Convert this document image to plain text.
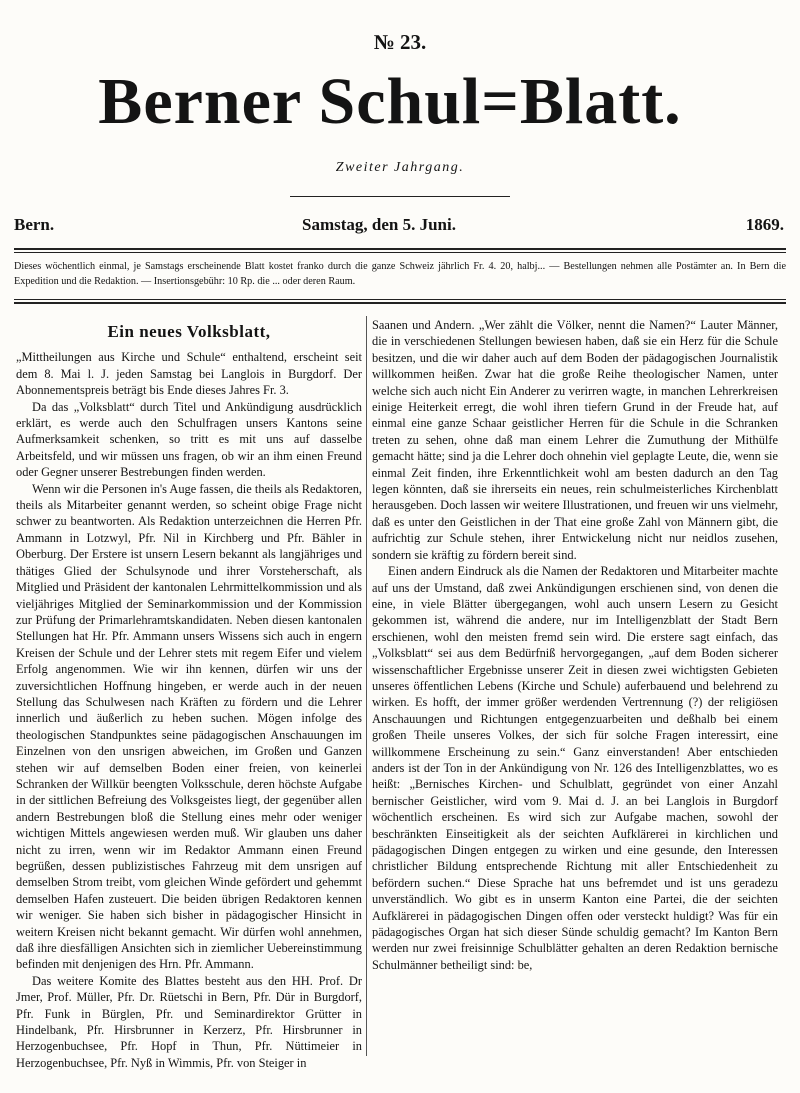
№ 23.
Berner Schul=Blatt.
Zweiter Jahrgang.
Bern.	Samstag, den 5. Juni.	1869.
Dieses wöchentlich einmal, je Samstags erscheinende Blatt kostet franko durch die ganze Schweiz jährlich Fr. 4. 20, halbj... — Bestellungen nehmen alle Postämter an. In Bern die Expedition und die Redaktion. — Insertionsgebühr: 10 Rp. die ... oder deren Raum.
Ein neues Volksblatt,

„Mittheilungen aus Kirche und Schule“ enthaltend, erscheint seit dem 8. Mai l. J. jeden Samstag bei Langlois in Burgdorf. Der Abonnementspreis beträgt bis Ende dieses Jahres Fr. 3.

Da das „Volksblatt“ durch Titel und Ankündigung ausdrücklich erklärt, es werde auch den Schulfragen unsers Kantons seine Aufmerksamkeit schenken, so tritt es mit uns auf dasselbe Arbeitsfeld, und wir müssen uns fragen, ob wir an ihm einen Freund oder Gegner unserer Bestrebungen finden werden.

Wenn wir die Personen in's Auge fassen, die theils als Redaktoren, theils als Mitarbeiter genannt werden, so scheint obige Frage nicht schwer zu beantworten. Als Redaktion unterzeichnen die Herren Pfr. Ammann in Lotzwyl, Pfr. Nil in Kirchberg und Pfr. Bähler in Oberburg. Der Erstere ist unsern Lesern bekannt als langjähriges und thätiges Glied der Schulsynode und ihrer Vorsteherschaft, als Mitglied und Präsident der kantonalen Lehrmittelkommission und als vieljähriges Mitglied der Seminarkommission und der Kommission zur Prüfung der Primarlehramtskandidaten. Neben diesen kantonalen Stellungen hat Hr. Pfr. Ammann unsers Wissens sich auch in engern Kreisen der Schule und der Lehrer stets mit regem Eifer und vielem Erfolg angenommen. Wie wir ihn kennen, dürfen wir uns der zuversichtlichen Hoffnung hingeben, er werde auch in der neuen Stellung das Schulwesen nach Kräften zu fördern und die Lehrer innerlich und äußerlich zu heben suchen. Mögen infolge des theologischen Standpunktes seine pädagogischen Anschauungen im Einzelnen von den unsrigen abweichen, im Großen und Ganzen stehen wir auf demselben Boden einer freien, von keinerlei Schranken der Willkür beengten Volksschule, deren höchste Aufgabe in der sittlichen Befreiung des Volksgeistes liegt, der gegenüber allen andern Bestrebungen bloß die Stellung eines mehr oder weniger wichtigen Mittels angewiesen werden muß. Wir glauben uns daher nicht zu irren, wenn wir im Redaktor Ammann einen Freund begrüßen, dessen publizistisches Fahrzeug mit dem unsrigen auf demselben Strom treibt, vom gleichen Winde gefördert und gehemmt demselben Hafen zusteuert. Die beiden übrigen Redaktoren kennen wir weniger. Sie haben sich bisher in pädagogischer Hinsicht in weitern Kreisen nicht bekannt gemacht. Wir dürfen wohl annehmen, daß ihre diesfälligen Ansichten sich in ziemlicher Uebereinstimmung befinden mit denjenigen des Hrn. Pfr. Ammann.

Das weitere Komite des Blattes besteht aus den HH. Prof. Dr Jmer, Prof. Müller, Pfr. Dr. Rüetschi in Bern, Pfr. Dür in Burgdorf, Pfr. Funk in Bürglen, Pfr. und Seminardirektor Grütter in Hindelbank, Pfr. Hirsbrunner in Kerzerz, Pfr. Hirsbrunner in Herzogenbuchsee, Pfr. Hopf in Thun, Pfr. Nüttimeier in Herzogenbuchsee, Pfr. Nyß in Wimmis, Pfr. von Steiger in

Saanen und Andern. „Wer zählt die Völker, nennt die Namen?“ Lauter Männer, die in verschiedenen Stellungen bewiesen haben, daß sie ein Herz für die Schule besitzen, und die wir daher auch auf dem Boden der pädagogischen Journalistik willkommen heißen. Zwar hat die große Reihe theologischer Namen, unter welche sich auch nicht Ein Anderer zu verirren wagte, in manchen Lehrerkreisen einige Heiterkeit erregt, die wohl ihren tiefern Grund in der Freude hat, auf einmal eine ganze Schaar geistlicher Herren für die Schule in die Schranken treten zu sehen, ohne daß man einem Lehrer die Zumuthung der Mithülfe gemacht hätte; sind ja die Lehrer doch ohnehin viel geplagte Leute, die, wenn sie einmal Zeit finden, ihre Erkenntlichkeit wohl am besten dadurch an den Tag legen könnten, daß sie ihrerseits ein neues, rein schulmeisterliches Kirchenblatt herausgeben. Doch lassen wir weitere Illustrationen, und freuen wir uns vielmehr, daß es unter den Geistlichen in der That eine große Zahl von Männern gibt, die aufrichtig zur Schule stehen, ihrer Entwickelung nicht nur neidlos zusehen, sondern sie kräftig zu fördern bereit sind.

Einen andern Eindruck als die Namen der Redaktoren und Mitarbeiter machte auf uns der Umstand, daß zwei Ankündigungen erschienen sind, von denen die eine, in viele Blätter übergegangen, wohl auch unsern Lesern zu Gesicht gekommen ist, während die andere, nur im Intelligenzblatt der Stadt Bern erschienen, wohl den meisten fremd sein wird. Die erstere sagt einfach, das „Volksblatt“ sei aus dem Bedürfniß hervorgegangen, „auf dem Boden sicherer wissenschaftlicher Ergebnisse unserer Zeit in diesen zwei wichtigsten Gebieten unseres öffentlichen Lebens (Kirche und Schule) auferbauend und belehrend zu wirken. Es hofft, der immer größer werdenden Vertrennung (?) der religiösen Anschauungen und Richtungen entgegenzuarbeiten und deßhalb bei einem großen Theile unseres Volkes, der sich für solche Fragen interessirt, eine willkommene Erscheinung zu sein.“ Ganz einverstanden! Aber entschieden anders ist der Ton in der Ankündigung von Nr. 126 des Intelligenzblattes, wo es heißt: „Bernisches Kirchen- und Schulblatt, gegründet von einer Anzahl bernischer Geistlicher, wird vom 9. Mai d. J. an bei Langlois in Burgdorf wöchentlich erscheinen. Es wird sich zur Aufgabe machen, sowohl der beschränkten Einseitigkeit als der seichten Aufklärerei in kirchlichen und pädagogischen Dingen entgegen zu wirken und eine gesunde, den Interessen christlicher Bildung entsprechende Richtung mit aller Entschiedenheit zu befördern suchen.“ Diese Sprache hat uns befremdet und ist uns geradezu unverständlich. Wo gibt es in unserm Kanton eine Partei, die der seichten Aufklärerei in pädagogischen Dingen offen oder versteckt huldigt? Was für ein pädagogisches Organ hat sich dieser Sünde schuldig gemacht? Im Kanton Bern werden nur zwei freisinnige Schulblätter gehalten an deren Redaktion bernische Schulmänner betheiligt sind: be,
